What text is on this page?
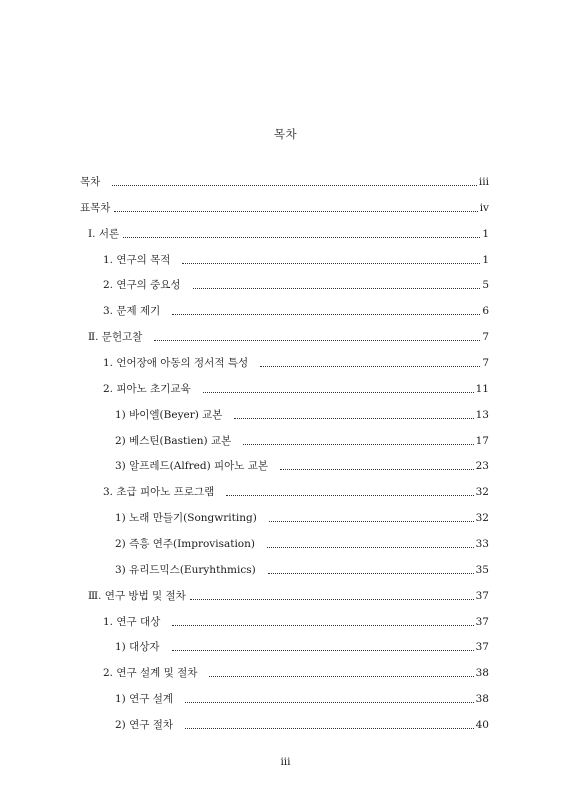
목차
목차	iii
표목차	iv
Ⅰ. 서론	1
1. 연구의 목적	1
2. 연구의 중요성	5
3. 문제 제기	6
Ⅱ. 문헌고찰	7
1. 언어장애 아동의 정서적 특성	7
2. 피아노 초기교육	11
1) 바이엘(Beyer) 교본	13
2) 베스틴(Bastien) 교본	17
3) 알프레드(Alfred) 피아노 교본	23
3. 초급 피아노 프로그램	32
1) 노래 만들기(Songwriting)	32
2) 즉흥 연주(Improvisation)	33
3) 유리드믹스(Euryhthmics)	35
Ⅲ. 연구 방법 및 절차	37
1. 연구 대상	37
1) 대상자	37
2. 연구 설계 및 절차	38
1) 연구 설계	38
2) 연구 절차	40
iii
